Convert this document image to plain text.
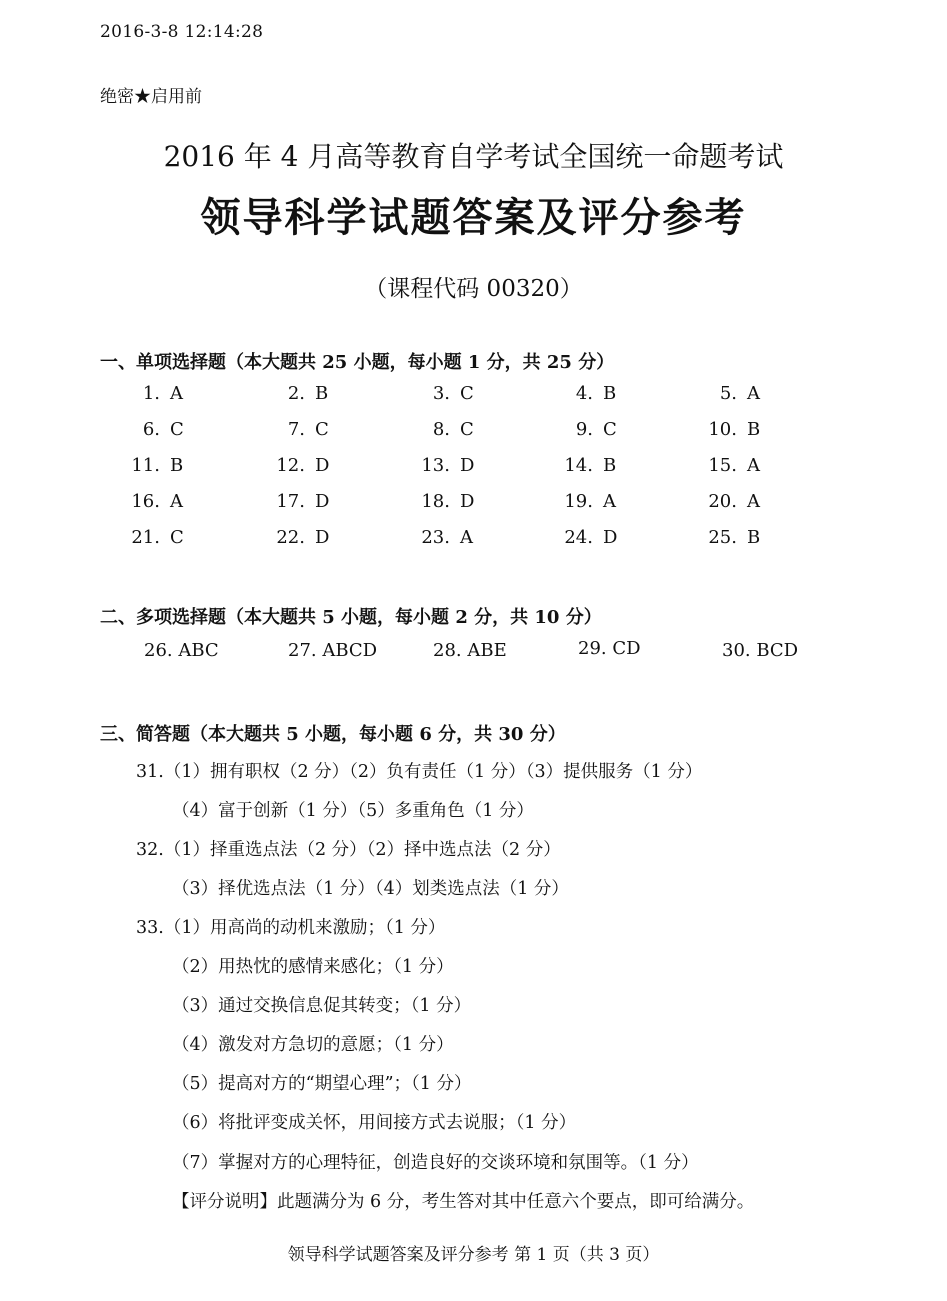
2016-3-8 12:14:28
绝密★启用前
2016 年 4 月高等教育自学考试全国统一命题考试
领导科学试题答案及评分参考
（课程代码 00320）
一、单项选择题（本大题共 25 小题，每小题 1 分，共 25 分）
1. A	2. B	3. C	4. B	5. A
6. C	7. C	8. C	9. C	10. B
11. B	12. D	13. D	14. B	15. A
16. A	17. D	18. D	19. A	20. A
21. C	22. D	23. A	24. D	25. B
二、多项选择题（本大题共 5 小题，每小题 2 分，共 10 分）
26. ABC	27. ABCD	28. ABE	29. CD	30. BCD
三、简答题（本大题共 5 小题，每小题 6 分，共 30 分）
31.（1）拥有职权（2 分）（2）负有责任（1 分）（3）提供服务（1 分）
（4）富于创新（1 分）（5）多重角色（1 分）
32.（1）择重选点法（2 分）（2）择中选点法（2 分）
（3）择优选点法（1 分）（4）划类选点法（1 分）
33.（1）用高尚的动机来激励；（1 分）
（2）用热忱的感情来感化；（1 分）
（3）通过交换信息促其转变；（1 分）
（4）激发对方急切的意愿；（1 分）
（5）提高对方的“期望心理”；（1 分）
（6）将批评变成关怀，用间接方式去说服；（1 分）
（7）掌握对方的心理特征，创造良好的交谈环境和氛围等。（1 分）
【评分说明】此题满分为 6 分，考生答对其中任意六个要点，即可给满分。
领导科学试题答案及评分参考 第 1 页（共 3 页）
